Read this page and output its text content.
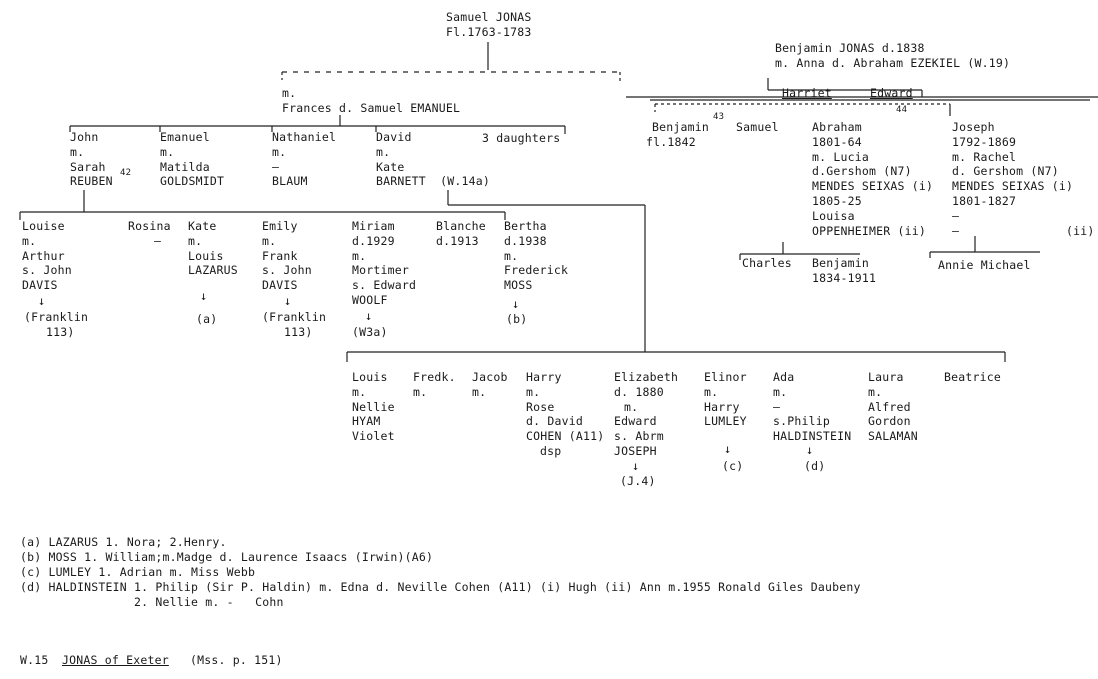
Samuel JONAS
Fl.1763-1783
m.
Frances d. Samuel EMANUEL
John
m.
Sarah
REUBEN
42
Emanuel
m.
Matilda
GOLDSMIDT
Nathaniel
m.
–
BLAUM
David
m.
Kate
BARNETT  (W.14a)
3 daughters
Louise
m.
Arthur
s. John
DAVIS
↓
(Franklin
113)
Rosina
–
Kate
m.
Louis
LAZARUS
↓
(a)
Emily
m.
Frank
s. John
DAVIS
↓
(Franklin
113)
Miriam
d.1929
m.
Mortimer
s. Edward
WOOLF
↓
(W3a)
Blanche
d.1913
Bertha
d.1938
m.
Frederick
MOSS
↓
(b)
Louis
m.
Nellie
HYAM
Violet
Fredk.
m.
Jacob
m.
Harry
m.
Rose
d. David
COHEN (A11)
dsp
Elizabeth
d. 1880
m.
Edward
s. Abrm
JOSEPH
↓
(J.4)
Elinor
m.
Harry
LUMLEY
↓
(c)
Ada
m.
–
s.Philip
HALDINSTEIN
↓
(d)
Laura
m.
Alfred
Gordon
SALAMAN
Beatrice
Benjamin JONAS d.1838
m. Anna d. Abraham EZEKIEL (W.19)
Harriet	Edward
44
Benjamin
fl.1842
43
Samuel	Abraham
1801-64
m. Lucia
d.Gershom (N7)
MENDES SEIXAS (i)
1805-25
Louisa
OPPENHEIMER (ii)
Joseph
1792-1869
m. Rachel
d. Gershom (N7)
MENDES SEIXAS (i)
1801-1827
–
–               (ii)
Charles Benjamin
1834-1911
Annie Michael
(a) LAZARUS 1. Nora; 2.Henry.
(b) MOSS 1. William;m.Madge d. Laurence Isaacs (Irwin)(A6)
(c) LUMLEY 1. Adrian m. Miss Webb
(d) HALDINSTEIN 1. Philip (Sir P. Haldin) m. Edna d. Neville Cohen (A11) (i) Hugh (ii) Ann m.1955 Ronald Giles Daubeny
2. Nellie m. -   Cohn
W.15 JONAS of Exeter (Mss. p. 151)
